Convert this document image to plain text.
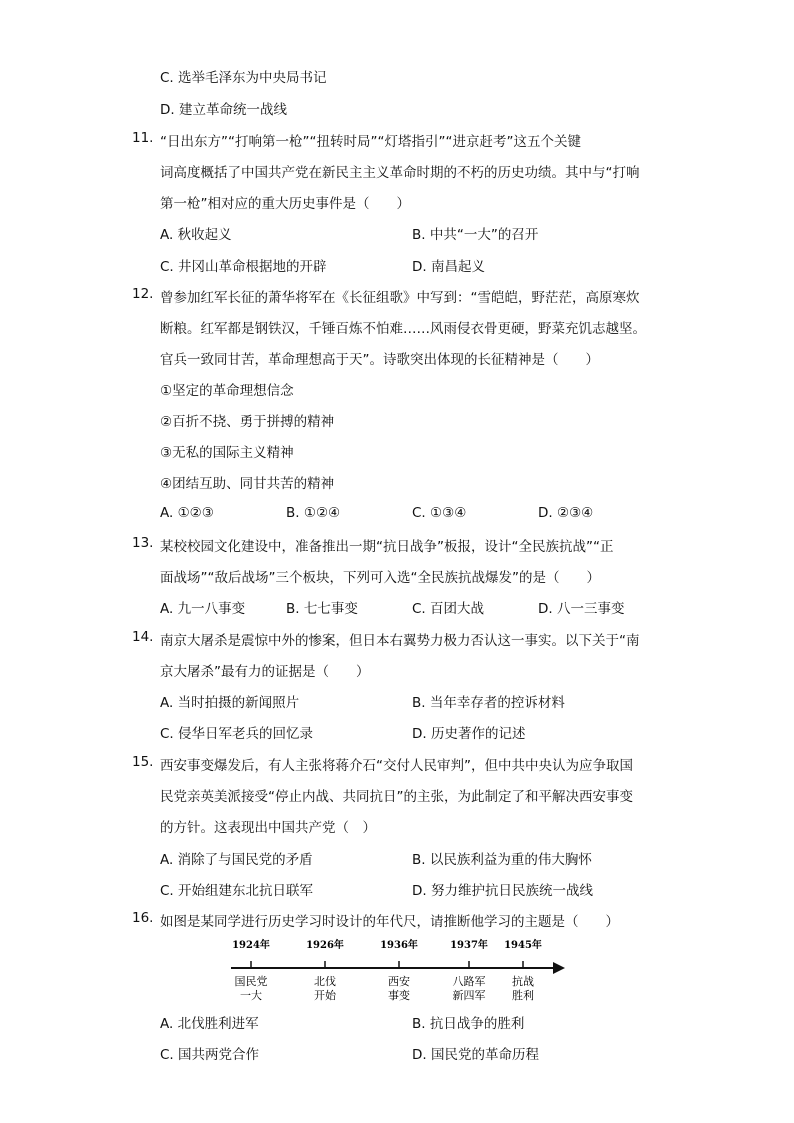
C. 选举毛泽东为中央局书记
D. 建立革命统一战线
11. “日出东方”“打响第一枪”“扭转时局”“灯塔指引”“进京赶考”这五个关键
词高度概括了中国共产党在新民主主义革命时期的不朽的历史功绩。其中与“打响
第一枪”相对应的重大历史事件是（　　）
A. 秋收起义	B. 中共“一大”的召开
C. 井冈山革命根据地的开辟	D. 南昌起义
12. 曾参加红军长征的萧华将军在《长征组歌》中写到：“雪皑皑，野茫茫，高原寒炊
断粮。红军都是钢铁汉，千锤百炼不怕难……风雨侵衣骨更硬，野菜充饥志越坚。
官兵一致同甘苦，革命理想高于天”。诗歌突出体现的长征精神是（　　）
①坚定的革命理想信念
②百折不挠、勇于拼搏的精神
③无私的国际主义精神
④团结互助、同甘共苦的精神
A. ①②③	B. ①②④	C. ①③④	D. ②③④
13. 某校校园文化建设中，准备推出一期“抗日战争”板报，设计“全民族抗战”“正
面战场”“敌后战场”三个板块，下列可入选“全民族抗战爆发”的是（　　）
A. 九一八事变	B. 七七事变	C. 百团大战	D. 八一三事变
14. 南京大屠杀是震惊中外的惨案，但日本右翼势力极力否认这一事实。以下关于“南
京大屠杀”最有力的证据是（　　）
A. 当时拍摄的新闻照片	B. 当年幸存者的控诉材料
C. 侵华日军老兵的回忆录	D. 历史著作的记述
15. 西安事变爆发后，有人主张将蒋介石“交付人民审判”，但中共中央认为应争取国
民党亲英美派接受“停止内战、共同抗日”的主张，为此制定了和平解决西安事变
的方针。这表现出中国共产党（　）
A. 消除了与国民党的矛盾	B. 以民族利益为重的伟大胸怀
C. 开始组建东北抗日联军	D. 努力维护抗日民族统一战线
16. 如图是某同学进行历史学习时设计的年代尺，请推断他学习的主题是（　　）
1924年	1926年	1936年	1937年 1945年
国民党
一大
北伐
开始
西安
事变
八路军
新四军
抗战
胜利
A. 北伐胜利进军	B. 抗日战争的胜利
C. 国共两党合作	D. 国民党的革命历程
